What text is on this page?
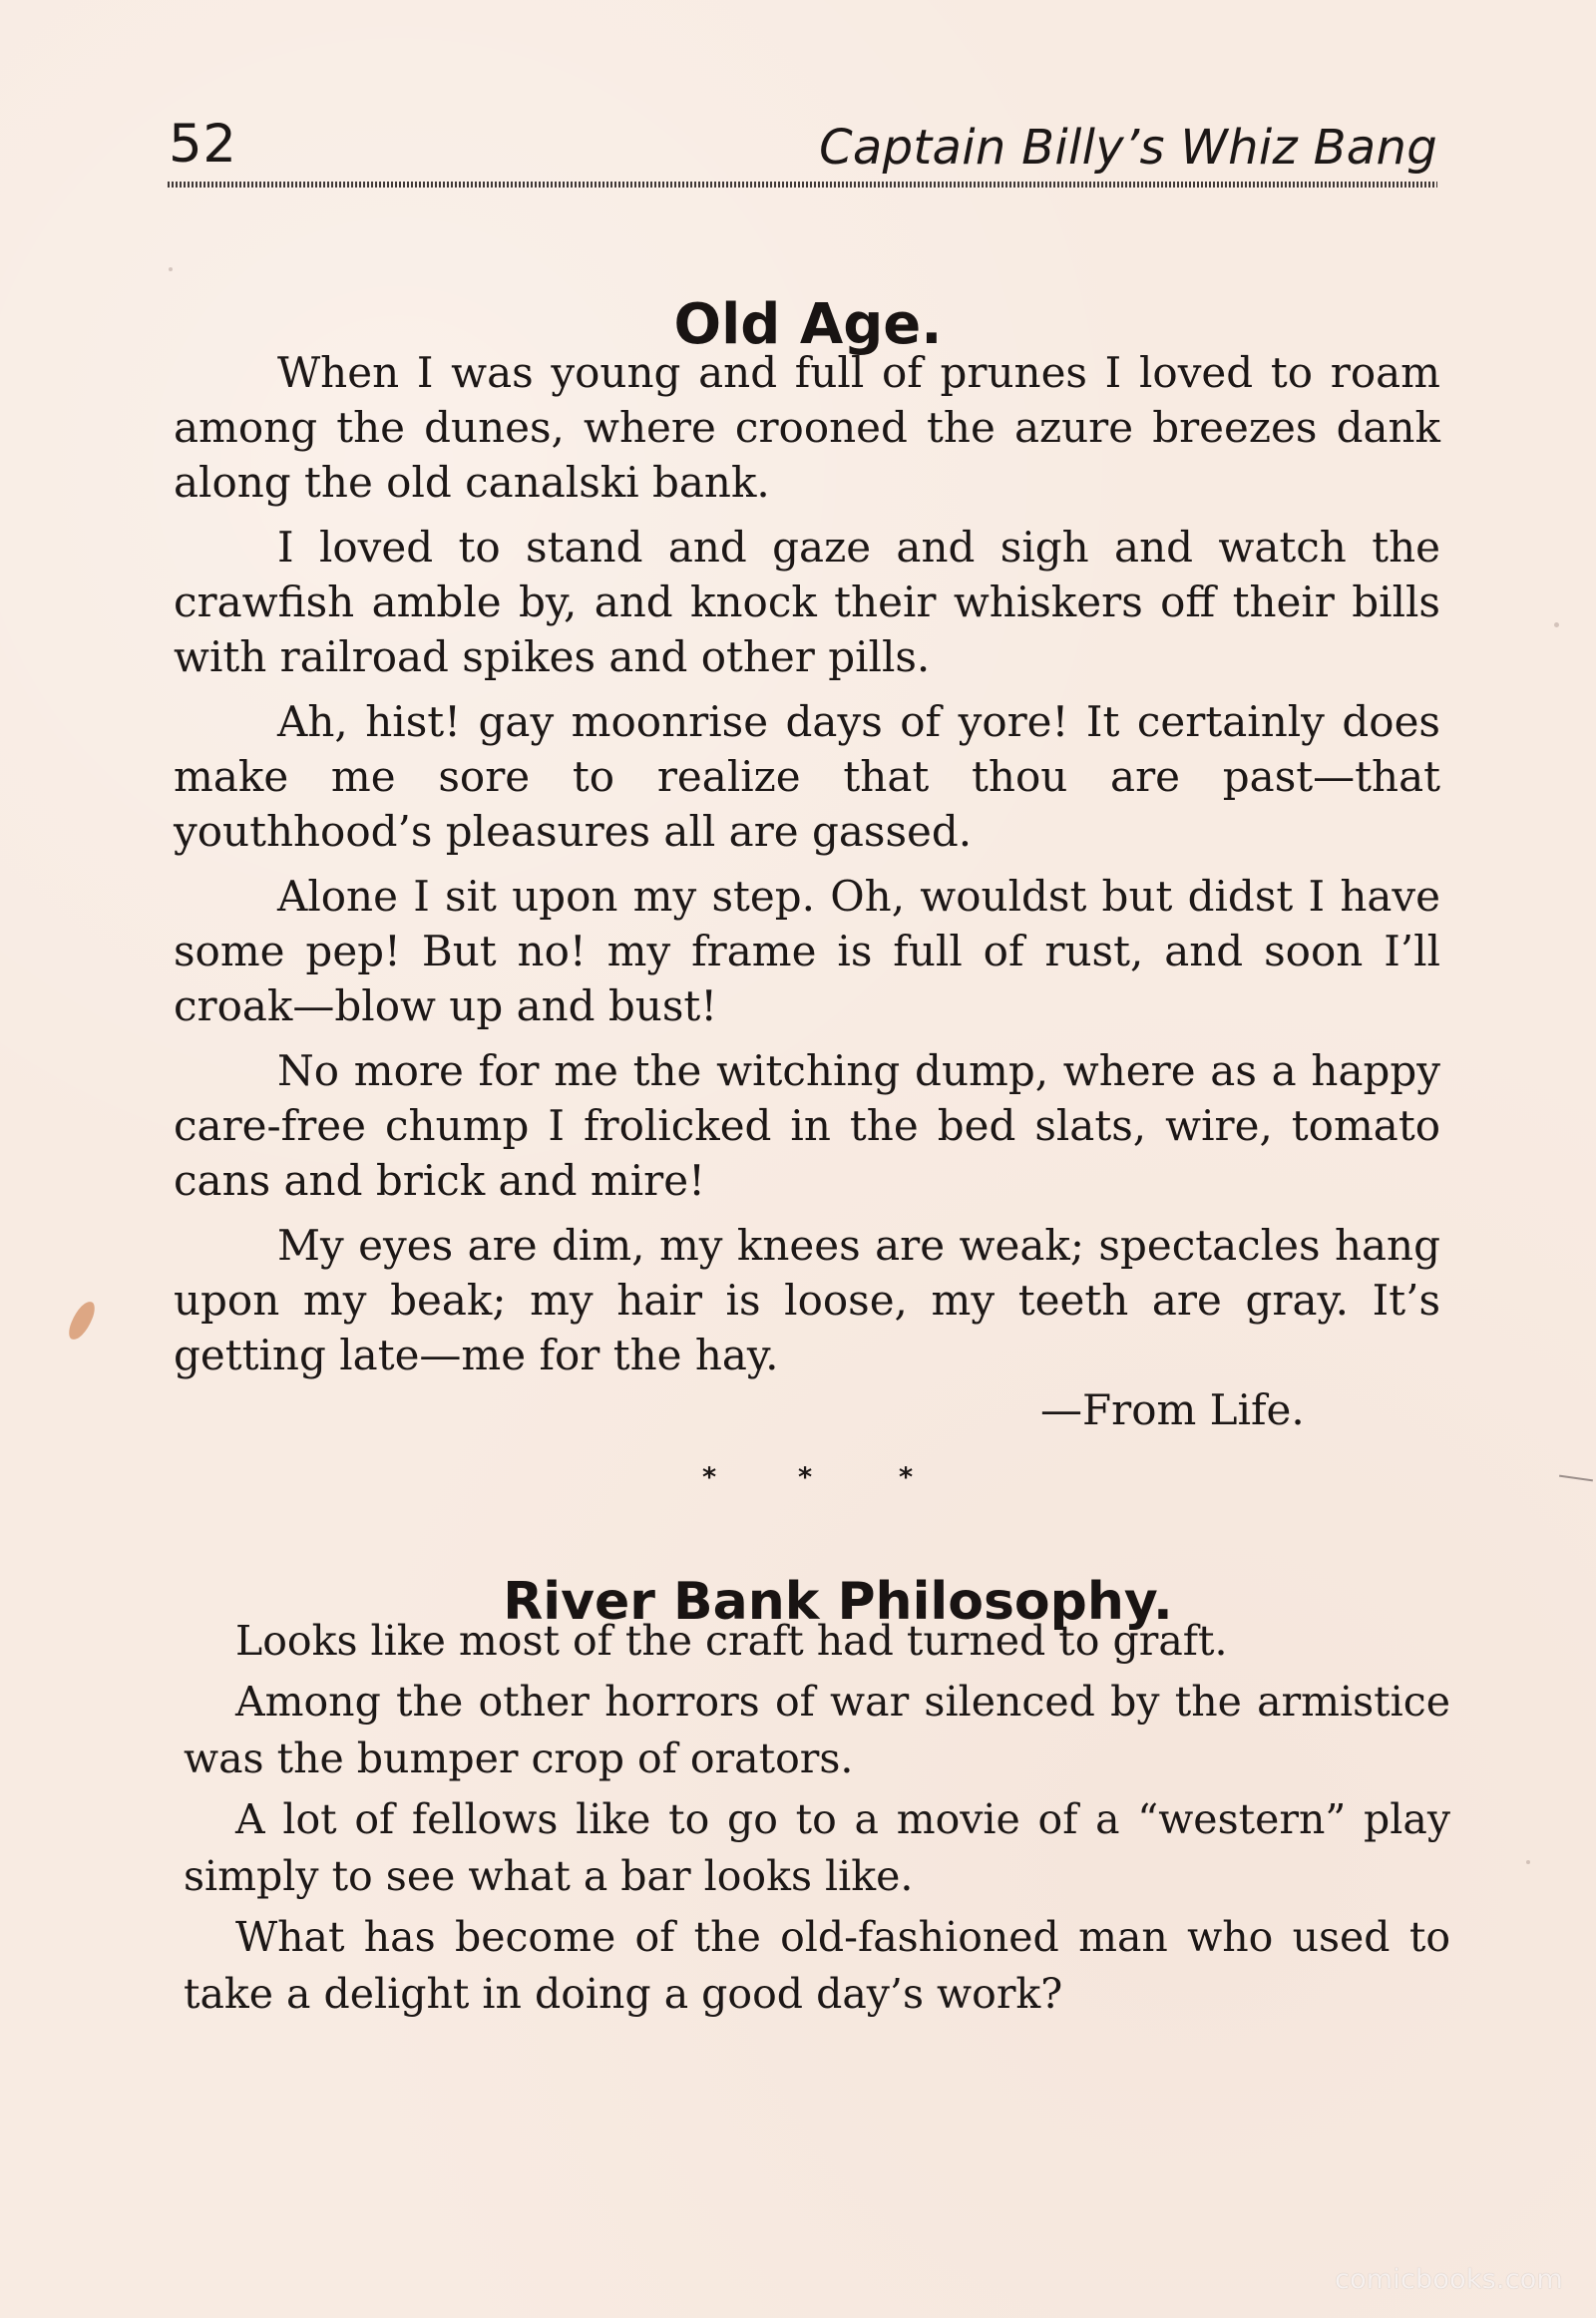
52	Captain Billy’s Whiz Bang
Old Age.

When I was young and full of prunes I loved to roam among the dunes, where crooned the azure breezes dank along the old canalski bank.

I loved to stand and gaze and sigh and watch the crawfish amble by, and knock their whiskers off their bills with railroad spikes and other pills.

Ah, hist! gay moonrise days of yore! It certainly does make me sore to realize that thou are past—that youthhood’s pleasures all are gassed.

Alone I sit upon my step. Oh, wouldst but didst I have some pep! But no! my frame is full of rust, and soon I’ll croak—blow up and bust!

No more for me the witching dump, where as a happy care-free chump I frolicked in the bed slats, wire, tomato cans and brick and mire!

My eyes are dim, my knees are weak; spectacles hang upon my beak; my hair is loose, my teeth are gray. It’s getting late—me for the hay.

—From Life.
*	*	*
River Bank Philosophy.

Looks like most of the craft had turned to graft.

Among the other horrors of war silenced by the armistice was the bumper crop of orators.

A lot of fellows like to go to a movie of a “western” play simply to see what a bar looks like.

What has become of the old-fashioned man who used to take a delight in doing a good day’s work?

comicbooks.com
